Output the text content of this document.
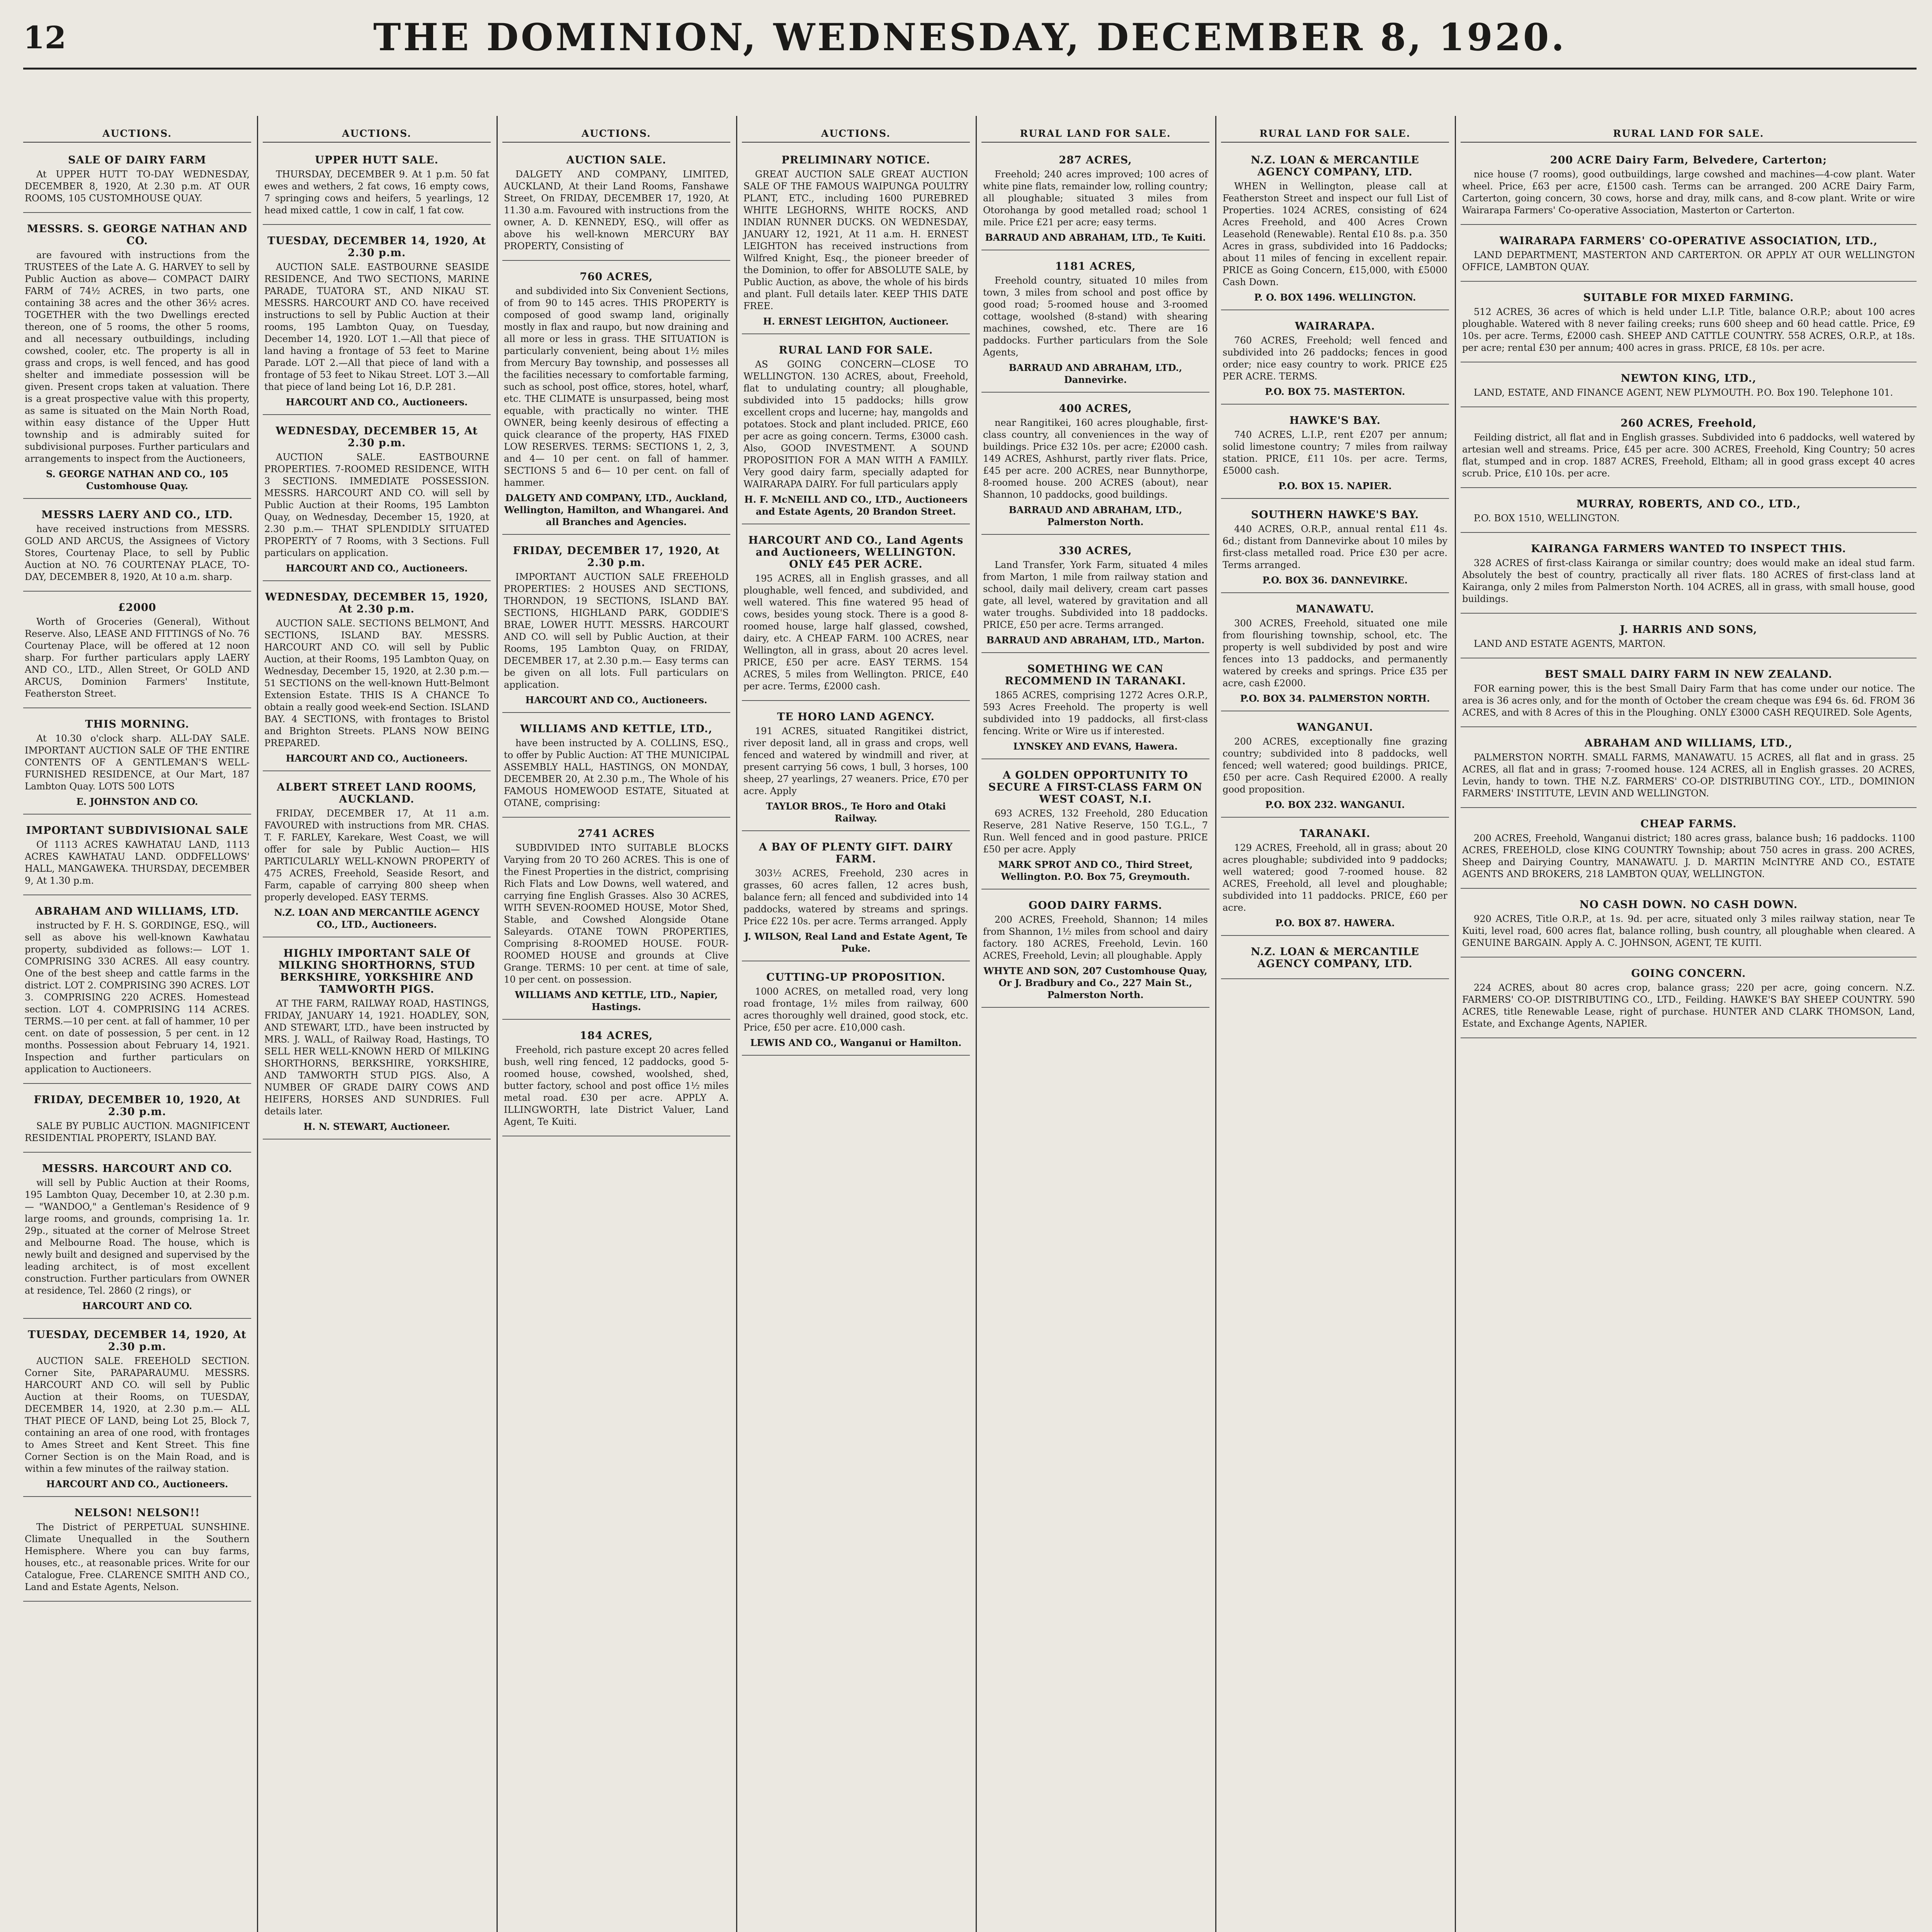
12	THE DOMINION, WEDNESDAY, DECEMBER 8, 1920.
AUCTIONS.
SALE OF DAIRY FARM
At UPPER HUTT TO-DAY WEDNESDAY, DECEMBER 8, 1920, At 2.30 p.m. AT OUR ROOMS, 105 CUSTOMHOUSE QUAY.
MESSRS. S. GEORGE NATHAN AND CO.
are favoured with instructions from the TRUSTEES of the Late A. G. HARVEY to sell by Public Auction as above— COMPACT DAIRY FARM of 74½ ACRES, in two parts, one containing 38 acres and the other 36½ acres. TOGETHER with the two Dwellings erected thereon, one of 5 rooms, the other 5 rooms, and all necessary outbuildings, including cowshed, cooler, etc. The property is all in grass and crops, is well fenced, and has good shelter and immediate possession will be given. Present crops taken at valuation. There is a great prospective value with this property, as same is situated on the Main North Road, within easy distance of the Upper Hutt township and is admirably suited for subdivisional purposes. Further particulars and arrangements to inspect from the Auctioneers,
S. GEORGE NATHAN AND CO., 105 Customhouse Quay.
MESSRS LAERY AND CO., LTD.
have received instructions from MESSRS. GOLD AND ARCUS, the Assignees of Victory Stores, Courtenay Place, to sell by Public Auction at NO. 76 COURTENAY PLACE, TO-DAY, DECEMBER 8, 1920, At 10 a.m. sharp.
£2000
Worth of Groceries (General), Without Reserve. Also, LEASE AND FITTINGS of No. 76 Courtenay Place, will be offered at 12 noon sharp. For further particulars apply LAERY AND CO., LTD., Allen Street, Or GOLD AND ARCUS, Dominion Farmers' Institute, Featherston Street.
THIS MORNING.
At 10.30 o'clock sharp. ALL-DAY SALE. IMPORTANT AUCTION SALE OF THE ENTIRE CONTENTS OF A GENTLEMAN'S WELL-FURNISHED RESIDENCE, at Our Mart, 187 Lambton Quay. LOTS 500 LOTS
E. JOHNSTON AND CO.
IMPORTANT SUBDIVISIONAL SALE
Of 1113 ACRES KAWHATAU LAND, 1113 ACRES KAWHATAU LAND. ODDFELLOWS' HALL, MANGAWEKA. THURSDAY, DECEMBER 9, At 1.30 p.m.
ABRAHAM AND WILLIAMS, LTD.
instructed by F. H. S. GORDINGE, ESQ., will sell as above his well-known Kawhatau property, subdivided as follows:— LOT 1. COMPRISING 330 ACRES. All easy country. One of the best sheep and cattle farms in the district. LOT 2. COMPRISING 390 ACRES. LOT 3. COMPRISING 220 ACRES. Homestead section. LOT 4. COMPRISING 114 ACRES. TERMS.—10 per cent. at fall of hammer, 10 per cent. on date of possession, 5 per cent. in 12 months. Possession about February 14, 1921. Inspection and further particulars on application to Auctioneers.
FRIDAY, DECEMBER 10, 1920, At 2.30 p.m.
SALE BY PUBLIC AUCTION. MAGNIFICENT RESIDENTIAL PROPERTY, ISLAND BAY.
MESSRS. HARCOURT AND CO.
will sell by Public Auction at their Rooms, 195 Lambton Quay, December 10, at 2.30 p.m.— "WANDOO," a Gentleman's Residence of 9 large rooms, and grounds, comprising 1a. 1r. 29p., situated at the corner of Melrose Street and Melbourne Road. The house, which is newly built and designed and supervised by the leading architect, is of most excellent construction. Further particulars from OWNER at residence, Tel. 2860 (2 rings), or
HARCOURT AND CO.
TUESDAY, DECEMBER 14, 1920, At 2.30 p.m.
AUCTION SALE. FREEHOLD SECTION. Corner Site, PARAPARAUMU. MESSRS. HARCOURT AND CO. will sell by Public Auction at their Rooms, on TUESDAY, DECEMBER 14, 1920, at 2.30 p.m.— ALL THAT PIECE OF LAND, being Lot 25, Block 7, containing an area of one rood, with frontages to Ames Street and Kent Street. This fine Corner Section is on the Main Road, and is within a few minutes of the railway station.
HARCOURT AND CO., Auctioneers.
NELSON! NELSON!!
The District of PERPETUAL SUNSHINE. Climate Unequalled in the Southern Hemisphere. Where you can buy farms, houses, etc., at reasonable prices. Write for our Catalogue, Free. CLARENCE SMITH AND CO., Land and Estate Agents, Nelson.
AUCTIONS.
UPPER HUTT SALE.
THURSDAY, DECEMBER 9. At 1 p.m. 50 fat ewes and wethers, 2 fat cows, 16 empty cows, 7 springing cows and heifers, 5 yearlings, 12 head mixed cattle, 1 cow in calf, 1 fat cow.
TUESDAY, DECEMBER 14, 1920, At 2.30 p.m.
AUCTION SALE. EASTBOURNE SEASIDE RESIDENCE, And TWO SECTIONS, MARINE PARADE, TUATORA ST., AND NIKAU ST. MESSRS. HARCOURT AND CO. have received instructions to sell by Public Auction at their rooms, 195 Lambton Quay, on Tuesday, December 14, 1920. LOT 1.—All that piece of land having a frontage of 53 feet to Marine Parade. LOT 2.—All that piece of land with a frontage of 53 feet to Nikau Street. LOT 3.—All that piece of land being Lot 16, D.P. 281.
HARCOURT AND CO., Auctioneers.
WEDNESDAY, DECEMBER 15, At 2.30 p.m.
AUCTION SALE. EASTBOURNE PROPERTIES. 7-ROOMED RESIDENCE, WITH 3 SECTIONS. IMMEDIATE POSSESSION. MESSRS. HARCOURT AND CO. will sell by Public Auction at their Rooms, 195 Lambton Quay, on Wednesday, December 15, 1920, at 2.30 p.m.— THAT SPLENDIDLY SITUATED PROPERTY of 7 Rooms, with 3 Sections. Full particulars on application.
HARCOURT AND CO., Auctioneers.
WEDNESDAY, DECEMBER 15, 1920, At 2.30 p.m.
AUCTION SALE. SECTIONS BELMONT, And SECTIONS, ISLAND BAY. MESSRS. HARCOURT AND CO. will sell by Public Auction, at their Rooms, 195 Lambton Quay, on Wednesday, December 15, 1920, at 2.30 p.m.— 51 SECTIONS on the well-known Hutt-Belmont Extension Estate. THIS IS A CHANCE To obtain a really good week-end Section. ISLAND BAY. 4 SECTIONS, with frontages to Bristol and Brighton Streets. PLANS NOW BEING PREPARED.
HARCOURT AND CO., Auctioneers.
ALBERT STREET LAND ROOMS, AUCKLAND.
FRIDAY, DECEMBER 17, At 11 a.m. FAVOURED with instructions from MR. CHAS. T. F. FARLEY, Karekare, West Coast, we will offer for sale by Public Auction— HIS PARTICULARLY WELL-KNOWN PROPERTY of 475 ACRES, Freehold, Seaside Resort, and Farm, capable of carrying 800 sheep when properly developed. EASY TERMS.
N.Z. LOAN AND MERCANTILE AGENCY CO., LTD., Auctioneers.
HIGHLY IMPORTANT SALE Of MILKING SHORTHORNS, STUD BERKSHIRE, YORKSHIRE AND TAMWORTH PIGS.
AT THE FARM, RAILWAY ROAD, HASTINGS, FRIDAY, JANUARY 14, 1921. HOADLEY, SON, AND STEWART, LTD., have been instructed by MRS. J. WALL, of Railway Road, Hastings, TO SELL HER WELL-KNOWN HERD Of MILKING SHORTHORNS, BERKSHIRE, YORKSHIRE, AND TAMWORTH STUD PIGS. Also, A NUMBER OF GRADE DAIRY COWS AND HEIFERS, HORSES AND SUNDRIES. Full details later.
H. N. STEWART, Auctioneer.
AUCTIONS.
AUCTION SALE.
DALGETY AND COMPANY, LIMITED, AUCKLAND, At their Land Rooms, Fanshawe Street, On FRIDAY, DECEMBER 17, 1920, At 11.30 a.m. Favoured with instructions from the owner, A. D. KENNEDY, ESQ., will offer as above his well-known MERCURY BAY PROPERTY, Consisting of
760 ACRES,
and subdivided into Six Convenient Sections, of from 90 to 145 acres. THIS PROPERTY is composed of good swamp land, originally mostly in flax and raupo, but now draining and all more or less in grass. THE SITUATION is particularly convenient, being about 1½ miles from Mercury Bay township, and possesses all the facilities necessary to comfortable farming, such as school, post office, stores, hotel, wharf, etc. THE CLIMATE is unsurpassed, being most equable, with practically no winter. THE OWNER, being keenly desirous of effecting a quick clearance of the property, HAS FIXED LOW RESERVES. TERMS: SECTIONS 1, 2, 3, and 4— 10 per cent. on fall of hammer. SECTIONS 5 and 6— 10 per cent. on fall of hammer.
DALGETY AND COMPANY, LTD., Auckland, Wellington, Hamilton, and Whangarei. And all Branches and Agencies.
FRIDAY, DECEMBER 17, 1920, At 2.30 p.m.
IMPORTANT AUCTION SALE FREEHOLD PROPERTIES: 2 HOUSES AND SECTIONS, THORNDON, 19 SECTIONS, ISLAND BAY. SECTIONS, HIGHLAND PARK, GODDIE'S BRAE, LOWER HUTT. MESSRS. HARCOURT AND CO. will sell by Public Auction, at their Rooms, 195 Lambton Quay, on FRIDAY, DECEMBER 17, at 2.30 p.m.— Easy terms can be given on all lots. Full particulars on application.
HARCOURT AND CO., Auctioneers.
WILLIAMS AND KETTLE, LTD.,
have been instructed by A. COLLINS, ESQ., to offer by Public Auction: AT THE MUNICIPAL ASSEMBLY HALL, HASTINGS, ON MONDAY, DECEMBER 20, At 2.30 p.m., The Whole of his FAMOUS HOMEWOOD ESTATE, Situated at OTANE, comprising:
2741 ACRES
SUBDIVIDED INTO SUITABLE BLOCKS Varying from 20 TO 260 ACRES. This is one of the Finest Properties in the district, comprising Rich Flats and Low Downs, well watered, and carrying fine English Grasses. Also 30 ACRES, WITH SEVEN-ROOMED HOUSE, Motor Shed, Stable, and Cowshed Alongside Otane Saleyards. OTANE TOWN PROPERTIES, Comprising 8-ROOMED HOUSE. FOUR-ROOMED HOUSE and grounds at Clive Grange. TERMS: 10 per cent. at time of sale, 10 per cent. on possession.
WILLIAMS AND KETTLE, LTD., Napier, Hastings.
184 ACRES,
Freehold, rich pasture except 20 acres felled bush, well ring fenced, 12 paddocks, good 5-roomed house, cowshed, woolshed, shed, butter factory, school and post office 1½ miles metal road. £30 per acre. APPLY A. ILLINGWORTH, late District Valuer, Land Agent, Te Kuiti.
AUCTIONS.
PRELIMINARY NOTICE.
GREAT AUCTION SALE GREAT AUCTION SALE OF THE FAMOUS WAIPUNGA POULTRY PLANT, ETC., including 1600 PUREBRED WHITE LEGHORNS, WHITE ROCKS, AND INDIAN RUNNER DUCKS. ON WEDNESDAY, JANUARY 12, 1921, At 11 a.m. H. ERNEST LEIGHTON has received instructions from Wilfred Knight, Esq., the pioneer breeder of the Dominion, to offer for ABSOLUTE SALE, by Public Auction, as above, the whole of his birds and plant. Full details later. KEEP THIS DATE FREE.
H. ERNEST LEIGHTON, Auctioneer.
RURAL LAND FOR SALE.
AS GOING CONCERN—CLOSE TO WELLINGTON. 130 ACRES, about, Freehold, flat to undulating country; all ploughable, subdivided into 15 paddocks; hills grow excellent crops and lucerne; hay, mangolds and potatoes. Stock and plant included. PRICE, £60 per acre as going concern. Terms, £3000 cash. Also, GOOD INVESTMENT. A SOUND PROPOSITION FOR A MAN WITH A FAMILY. Very good dairy farm, specially adapted for WAIRARAPA DAIRY. For full particulars apply
H. F. McNEILL AND CO., LTD., Auctioneers and Estate Agents, 20 Brandon Street.
HARCOURT AND CO., Land Agents and Auctioneers, WELLINGTON. ONLY £45 PER ACRE.
195 ACRES, all in English grasses, and all ploughable, well fenced, and subdivided, and well watered. This fine watered 95 head of cows, besides young stock. There is a good 8-roomed house, large half glassed, cowshed, dairy, etc. A CHEAP FARM. 100 ACRES, near Wellington, all in grass, about 20 acres level. PRICE, £50 per acre. EASY TERMS. 154 ACRES, 5 miles from Wellington. PRICE, £40 per acre. Terms, £2000 cash.
TE HORO LAND AGENCY.
191 ACRES, situated Rangitikei district, river deposit land, all in grass and crops, well fenced and watered by windmill and river, at present carrying 56 cows, 1 bull, 3 horses, 100 sheep, 27 yearlings, 27 weaners. Price, £70 per acre. Apply
TAYLOR BROS., Te Horo and Otaki Railway.
A BAY OF PLENTY GIFT. DAIRY FARM.
303½ ACRES, Freehold, 230 acres in grasses, 60 acres fallen, 12 acres bush, balance fern; all fenced and subdivided into 14 paddocks, watered by streams and springs. Price £22 10s. per acre. Terms arranged. Apply
J. WILSON, Real Land and Estate Agent, Te Puke.
CUTTING-UP PROPOSITION.
1000 ACRES, on metalled road, very long road frontage, 1½ miles from railway, 600 acres thoroughly well drained, good stock, etc. Price, £50 per acre. £10,000 cash.
LEWIS AND CO., Wanganui or Hamilton.
RURAL LAND FOR SALE.
287 ACRES,
Freehold; 240 acres improved; 100 acres of white pine flats, remainder low, rolling country; all ploughable; situated 3 miles from Otorohanga by good metalled road; school 1 mile. Price £21 per acre; easy terms.
BARRAUD AND ABRAHAM, LTD., Te Kuiti.
1181 ACRES,
Freehold country, situated 10 miles from town, 3 miles from school and post office by good road; 5-roomed house and 3-roomed cottage, woolshed (8-stand) with shearing machines, cowshed, etc. There are 16 paddocks. Further particulars from the Sole Agents,
BARRAUD AND ABRAHAM, LTD., Dannevirke.
400 ACRES,
near Rangitikei, 160 acres ploughable, first-class country, all conveniences in the way of buildings. Price £32 10s. per acre; £2000 cash. 149 ACRES, Ashhurst, partly river flats. Price, £45 per acre. 200 ACRES, near Bunnythorpe, 8-roomed house. 200 ACRES (about), near Shannon, 10 paddocks, good buildings.
BARRAUD AND ABRAHAM, LTD., Palmerston North.
330 ACRES,
Land Transfer, York Farm, situated 4 miles from Marton, 1 mile from railway station and school, daily mail delivery, cream cart passes gate, all level, watered by gravitation and all water troughs. Subdivided into 18 paddocks. PRICE, £50 per acre. Terms arranged.
BARRAUD AND ABRAHAM, LTD., Marton.
SOMETHING WE CAN RECOMMEND IN TARANAKI.
1865 ACRES, comprising 1272 Acres O.R.P., 593 Acres Freehold. The property is well subdivided into 19 paddocks, all first-class fencing. Write or Wire us if interested.
LYNSKEY AND EVANS, Hawera.
A GOLDEN OPPORTUNITY TO SECURE A FIRST-CLASS FARM ON WEST COAST, N.I.
693 ACRES, 132 Freehold, 280 Education Reserve, 281 Native Reserve, 150 T.G.L., 7 Run. Well fenced and in good pasture. PRICE £50 per acre. Apply
MARK SPROT AND CO., Third Street, Wellington. P.O. Box 75, Greymouth.
GOOD DAIRY FARMS.
200 ACRES, Freehold, Shannon; 14 miles from Shannon, 1½ miles from school and dairy factory. 180 ACRES, Freehold, Levin. 160 ACRES, Freehold, Levin; all ploughable. Apply
WHYTE AND SON, 207 Customhouse Quay, Or J. Bradbury and Co., 227 Main St., Palmerston North.
RURAL LAND FOR SALE.
N.Z. LOAN & MERCANTILE AGENCY COMPANY, LTD.
WHEN in Wellington, please call at Featherston Street and inspect our full List of Properties. 1024 ACRES, consisting of 624 Acres Freehold, and 400 Acres Crown Leasehold (Renewable). Rental £10 8s. p.a. 350 Acres in grass, subdivided into 16 Paddocks; about 11 miles of fencing in excellent repair. PRICE as Going Concern, £15,000, with £5000 Cash Down.
P. O. BOX 1496. WELLINGTON.
WAIRARAPA.
760 ACRES, Freehold; well fenced and subdivided into 26 paddocks; fences in good order; nice easy country to work. PRICE £25 PER ACRE. TERMS.
P.O. BOX 75. MASTERTON.
HAWKE'S BAY.
740 ACRES, L.I.P., rent £207 per annum; solid limestone country; 7 miles from railway station. PRICE, £11 10s. per acre. Terms, £5000 cash.
P.O. BOX 15. NAPIER.
SOUTHERN HAWKE'S BAY.
440 ACRES, O.R.P., annual rental £11 4s. 6d.; distant from Dannevirke about 10 miles by first-class metalled road. Price £30 per acre. Terms arranged.
P.O. BOX 36. DANNEVIRKE.
MANAWATU.
300 ACRES, Freehold, situated one mile from flourishing township, school, etc. The property is well subdivided by post and wire fences into 13 paddocks, and permanently watered by creeks and springs. Price £35 per acre, cash £2000.
P.O. BOX 34. PALMERSTON NORTH.
WANGANUI.
200 ACRES, exceptionally fine grazing country; subdivided into 8 paddocks, well fenced; well watered; good buildings. PRICE, £50 per acre. Cash Required £2000. A really good proposition.
P.O. BOX 232. WANGANUI.
TARANAKI.
129 ACRES, Freehold, all in grass; about 20 acres ploughable; subdivided into 9 paddocks; well watered; good 7-roomed house. 82 ACRES, Freehold, all level and ploughable; subdivided into 11 paddocks. PRICE, £60 per acre.
P.O. BOX 87. HAWERA.
N.Z. LOAN & MERCANTILE AGENCY COMPANY, LTD.
RURAL LAND FOR SALE.
200 ACRE Dairy Farm, Belvedere, Carterton;
nice house (7 rooms), good outbuildings, large cowshed and machines—4-cow plant. Water wheel. Price, £63 per acre, £1500 cash. Terms can be arranged. 200 ACRE Dairy Farm, Carterton, going concern, 30 cows, horse and dray, milk cans, and 8-cow plant. Write or wire Wairarapa Farmers' Co-operative Association, Masterton or Carterton.
WAIRARAPA FARMERS' CO-OPERATIVE ASSOCIATION, LTD.,
LAND DEPARTMENT, MASTERTON AND CARTERTON. OR APPLY AT OUR WELLINGTON OFFICE, LAMBTON QUAY.
SUITABLE FOR MIXED FARMING.
512 ACRES, 36 acres of which is held under L.I.P. Title, balance O.R.P.; about 100 acres ploughable. Watered with 8 never failing creeks; runs 600 sheep and 60 head cattle. Price, £9 10s. per acre. Terms, £2000 cash. SHEEP AND CATTLE COUNTRY. 558 ACRES, O.R.P., at 18s. per acre; rental £30 per annum; 400 acres in grass. PRICE, £8 10s. per acre.
NEWTON KING, LTD.,
LAND, ESTATE, AND FINANCE AGENT, NEW PLYMOUTH. P.O. Box 190. Telephone 101.
260 ACRES, Freehold,
Feilding district, all flat and in English grasses. Subdivided into 6 paddocks, well watered by artesian well and streams. Price, £45 per acre. 300 ACRES, Freehold, King Country; 50 acres flat, stumped and in crop. 1887 ACRES, Freehold, Eltham; all in good grass except 40 acres scrub. Price, £10 10s. per acre.
MURRAY, ROBERTS, AND CO., LTD.,
P.O. BOX 1510, WELLINGTON.
KAIRANGA FARMERS WANTED TO INSPECT THIS.
328 ACRES of first-class Kairanga or similar country; does would make an ideal stud farm. Absolutely the best of country, practically all river flats. 180 ACRES of first-class land at Kairanga, only 2 miles from Palmerston North. 104 ACRES, all in grass, with small house, good buildings.
J. HARRIS AND SONS,
LAND AND ESTATE AGENTS, MARTON.
BEST SMALL DAIRY FARM IN NEW ZEALAND.
FOR earning power, this is the best Small Dairy Farm that has come under our notice. The area is 36 acres only, and for the month of October the cream cheque was £94 6s. 6d. FROM 36 ACRES, and with 8 Acres of this in the Ploughing. ONLY £3000 CASH REQUIRED. Sole Agents,
ABRAHAM AND WILLIAMS, LTD.,
PALMERSTON NORTH. SMALL FARMS, MANAWATU. 15 ACRES, all flat and in grass. 25 ACRES, all flat and in grass; 7-roomed house. 124 ACRES, all in English grasses. 20 ACRES, Levin, handy to town. THE N.Z. FARMERS' CO-OP. DISTRIBUTING COY., LTD., DOMINION FARMERS' INSTITUTE, LEVIN AND WELLINGTON.
CHEAP FARMS.
200 ACRES, Freehold, Wanganui district; 180 acres grass, balance bush; 16 paddocks. 1100 ACRES, FREEHOLD, close KING COUNTRY Township; about 750 acres in grass. 200 ACRES, Sheep and Dairying Country, MANAWATU. J. D. MARTIN McINTYRE AND CO., ESTATE AGENTS AND BROKERS, 218 LAMBTON QUAY, WELLINGTON.
NO CASH DOWN. NO CASH DOWN.
920 ACRES, Title O.R.P., at 1s. 9d. per acre, situated only 3 miles railway station, near Te Kuiti, level road, 600 acres flat, balance rolling, bush country, all ploughable when cleared. A GENUINE BARGAIN. Apply A. C. JOHNSON, AGENT, TE KUITI.
GOING CONCERN.
224 ACRES, about 80 acres crop, balance grass; 220 per acre, going concern. N.Z. FARMERS' CO-OP. DISTRIBUTING CO., LTD., Feilding. HAWKE'S BAY SHEEP COUNTRY. 590 ACRES, title Renewable Lease, right of purchase. HUNTER AND CLARK THOMSON, Land, Estate, and Exchange Agents, NAPIER.
